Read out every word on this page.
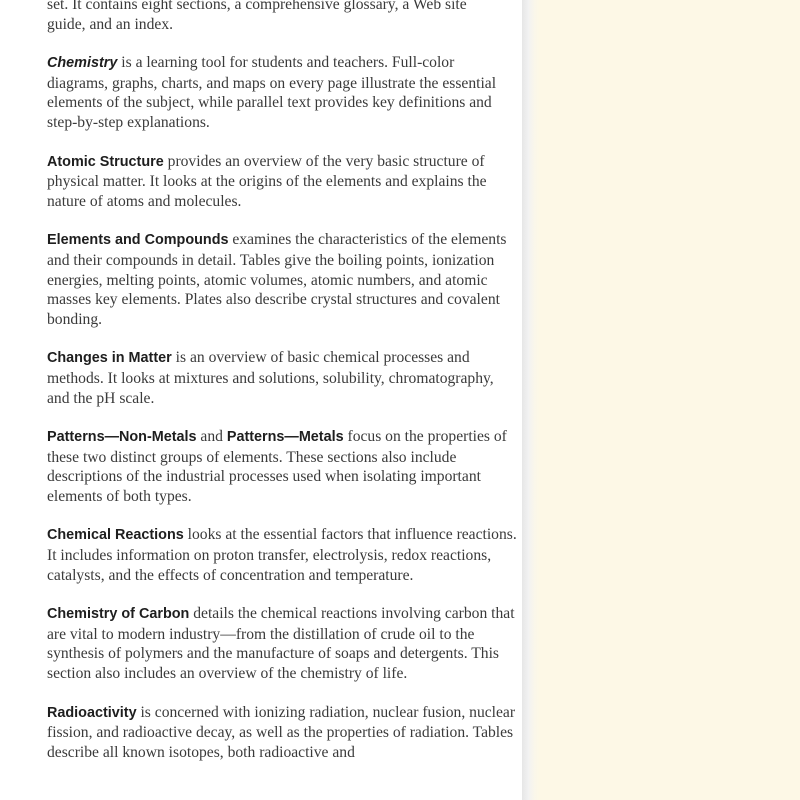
set. It contains eight sections, a comprehensive glossary, a Web site
guide, and an index.

Chemistry is a learning tool for students and teachers. Full-color diagrams, graphs, charts, and maps on every page illustrate the essential elements of the subject, while parallel text provides key definitions and step-by-step explanations.

Atomic Structure provides an overview of the very basic structure of physical matter. It looks at the origins of the elements and explains the nature of atoms and molecules.

Elements and Compounds examines the characteristics of the elements and their compounds in detail. Tables give the boiling points, ionization energies, melting points, atomic volumes, atomic numbers, and atomic masses key elements. Plates also describe crystal structures and covalent bonding.

Changes in Matter is an overview of basic chemical processes and methods. It looks at mixtures and solutions, solubility, chromatography, and the pH scale.

Patterns—Non-Metals and Patterns—Metals focus on the properties of these two distinct groups of elements. These sections also include descriptions of the industrial processes used when isolating important elements of both types.

Chemical Reactions looks at the essential factors that influence reactions. It includes information on proton transfer, electrolysis, redox reactions, catalysts, and the effects of concentration and temperature.

Chemistry of Carbon details the chemical reactions involving carbon that are vital to modern industry—from the distillation of crude oil to the synthesis of polymers and the manufacture of soaps and detergents. This section also includes an overview of the chemistry of life.

Radioactivity is concerned with ionizing radiation, nuclear fusion, nuclear fission, and radioactive decay, as well as the properties of radiation. Tables describe all known isotopes, both radioactive and
